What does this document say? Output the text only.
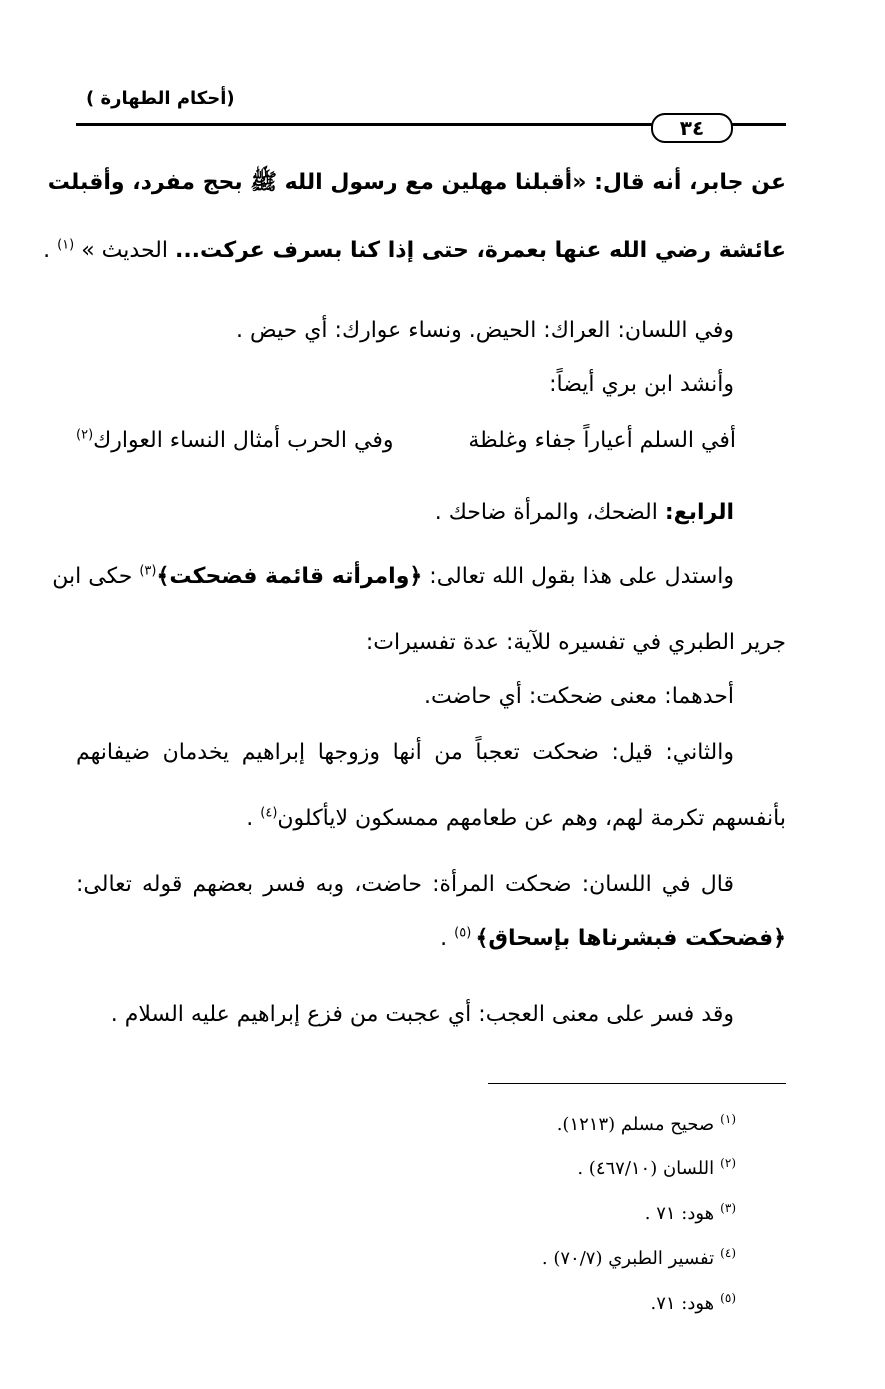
(أحكام الطهارة )
٣٤
عن جابر، أنه قال: «أقبلنا مهلين مع رسول الله ﷺ بحج مفرد، وأقبلت
عائشة رضي الله عنها بعمرة، حتى إذا كنا بسرف عركت... الحديث » $^{(١)}$ .
وفي اللسان: العراك: الحيض. ونساء عوارك: أي حيض .
وأنشد ابن بري أيضاً:
أفي السلم أعياراً جفاء وغلظة
وفي الحرب أمثال النساء العوارك$^{(٢)}$
الرابع: الضحك، والمرأة ضاحك .
واستدل على هذا بقول الله تعالى: ﴿وامرأته قائمة فضحكت﴾$^{(٣)}$ حكى ابن
جرير الطبري في تفسيره للآية: عدة تفسيرات:
أحدهما: معنى ضحكت: أي حاضت.
والثاني: قيل: ضحكت تعجباً من أنها وزوجها إبراهيم يخدمان ضيفانهم
بأنفسهم تكرمة لهم، وهم عن طعامهم ممسكون لايأكلون$^{(٤)}$ .
قال في اللسان: ضحكت المرأة: حاضت، وبه فسر بعضهم قوله تعالى:
﴿فضحكت فبشرناها بإسحاق﴾ $^{(٥)}$ .
وقد فسر على معنى العجب: أي عجبت من فزع إبراهيم عليه السلام .
$^{(١)}$صحيح مسلم (١٢١٣).
$^{(٢)}$اللسان (٤٦٧/١٠) .
$^{(٣)}$هود: ٧١ .
$^{(٤)}$تفسير الطبري (٧٠/٧) .
$^{(٥)}$هود: ٧١.
